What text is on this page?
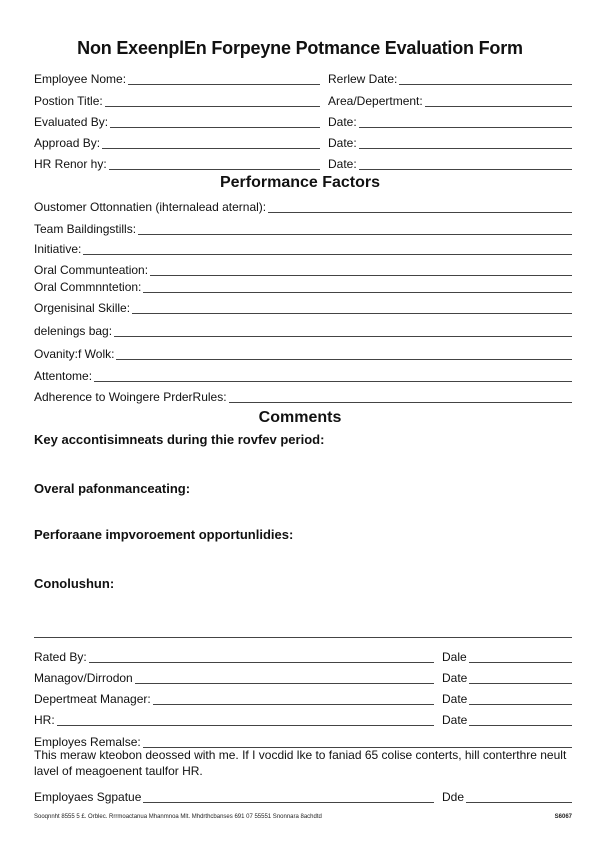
Non ExeenplEn Forpeyne Potmance Evaluation Form
Employee Nome:	Rerlew Date:
Postion Title:	Area/Depertment:
Evaluated By:	Date:
Approad By:	Date:
HR Renor hy:	Date:
Performance Factors
Oustomer Ottonnatien (ihternalead aternal):
Team Baildingstills:
Initiative:
Oral Communteation:
Oral Commnntetion:
Orgenisinal Skille:
delenings bag:
Ovanity:f Wolk:
Attentome:
Adherence to Woingere PrderRules:
Comments
Key accontisimneats during thie rovfev period:
Overal pafonmanceating:
Perforaane impvoroement opportunlidies:
Conolushun:
Rated By:	Dale
Managov/Dirrodon	Date
Depertmeat Manager:	Date
HR:	Date
Employes Remalse:
This meraw kteobon deossed with me. If I vocdid lke to faniad 65 colise conterts, hill conterthre neult lavel of meagoenent taulfor HR.
Employaes Sgpatue	Dde
Sooqnnht 8555 5 £. Orblec. Rrrmoactanua Mhanmnoa Mlt. Mhdrthcbanses 691 07 55551 Snonnara 8achdtd	S6067
